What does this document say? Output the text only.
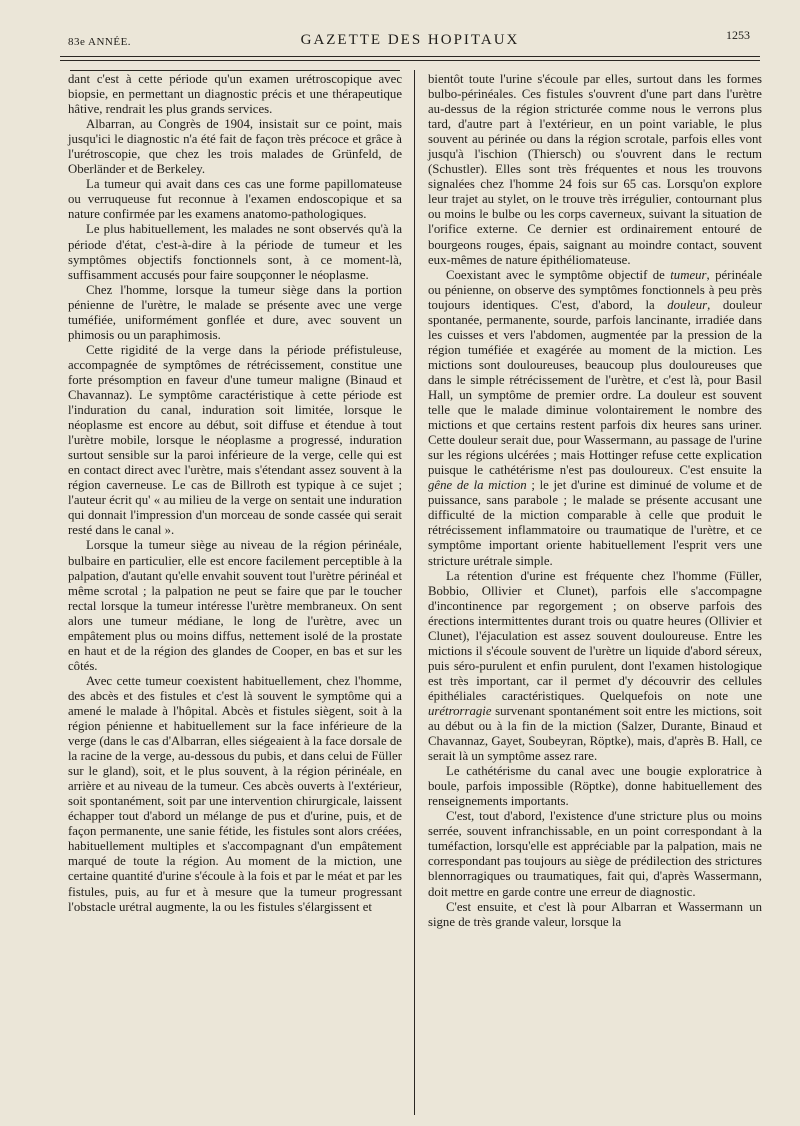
83e ANNÉE.	GAZETTE DES HOPITAUX	1253

dant c'est à cette période qu'un examen urétroscopique avec biopsie, en permettant un diagnostic précis et une thérapeutique hâtive, rendrait les plus grands services.

Albarran, au Congrès de 1904, insistait sur ce point, mais jusqu'ici le diagnostic n'a été fait de façon très précoce et grâce à l'urétroscopie, que chez les trois malades de Grünfeld, de Oberländer et de Berkeley.

La tumeur qui avait dans ces cas une forme papillomateuse ou verruqueuse fut reconnue à l'examen endoscopique et sa nature confirmée par les examens anatomo-pathologiques.

Le plus habituellement, les malades ne sont observés qu'à la période d'état, c'est-à-dire à la période de tumeur et les symptômes objectifs fonctionnels sont, à ce moment-là, suffisamment accusés pour faire soupçonner le néoplasme.

Chez l'homme, lorsque la tumeur siège dans la portion pénienne de l'urètre, le malade se présente avec une verge tuméfiée, uniformément gonflée et dure, avec souvent un phimosis ou un paraphimosis.

Cette rigidité de la verge dans la période préfistuleuse, accompagnée de symptômes de rétrécissement, constitue une forte présomption en faveur d'une tumeur maligne (Binaud et Chavannaz). Le symptôme caractéristique à cette période est l'induration du canal, induration soit limitée, lorsque le néoplasme est encore au début, soit diffuse et étendue à tout l'urètre mobile, lorsque le néoplasme a progressé, induration surtout sensible sur la paroi inférieure de la verge, celle qui est en contact direct avec l'urètre, mais s'étendant assez souvent à la région caverneuse. Le cas de Billroth est typique à ce sujet ; l'auteur écrit qu' « au milieu de la verge on sentait une induration qui donnait l'impression d'un morceau de sonde cassée qui serait resté dans le canal ».

Lorsque la tumeur siège au niveau de la région périnéale, bulbaire en particulier, elle est encore facilement perceptible à la palpation, d'autant qu'elle envahit souvent tout l'urètre périnéal et même scrotal ; la palpation ne peut se faire que par le toucher rectal lorsque la tumeur intéresse l'urètre membraneux. On sent alors une tumeur médiane, le long de l'urètre, avec un empâtement plus ou moins diffus, nettement isolé de la prostate en haut et de la région des glandes de Cooper, en bas et sur les côtés.

Avec cette tumeur coexistent habituellement, chez l'homme, des abcès et des fistules et c'est là souvent le symptôme qui a amené le malade à l'hôpital. Abcès et fistules siègent, soit à la région pénienne et habituellement sur la face inférieure de la verge (dans le cas d'Albarran, elles siégeaient à la face dorsale de la racine de la verge, au-dessous du pubis, et dans celui de Füller sur le gland), soit, et le plus souvent, à la région périnéale, en arrière et au niveau de la tumeur. Ces abcès ouverts à l'extérieur, soit spontanément, soit par une intervention chirurgicale, laissent échapper tout d'abord un mélange de pus et d'urine, puis, et de façon permanente, une sanie fétide, les fistules sont alors créées, habituellement multiples et s'accompagnant d'un empâtement marqué de toute la région. Au moment de la miction, une certaine quantité d'urine s'écoule à la fois et par le méat et par les fistules, puis, au fur et à mesure que la tumeur progressant l'obstacle urétral augmente, la ou les fistules s'élargissent et

bientôt toute l'urine s'écoule par elles, surtout dans les formes bulbo-périnéales. Ces fistules s'ouvrent d'une part dans l'urètre au-dessus de la région stricturée comme nous le verrons plus tard, d'autre part à l'extérieur, en un point variable, le plus souvent au périnée ou dans la région scrotale, parfois elles vont jusqu'à l'ischion (Thiersch) ou s'ouvrent dans le rectum (Schustler). Elles sont très fréquentes et nous les trouvons signalées chez l'homme 24 fois sur 65 cas. Lorsqu'on explore leur trajet au stylet, on le trouve très irrégulier, contournant plus ou moins le bulbe ou les corps caverneux, suivant la situation de l'orifice externe. Ce dernier est ordinairement entouré de bourgeons rouges, épais, saignant au moindre contact, souvent eux-mêmes de nature épithéliomateuse.

Coexistant avec le symptôme objectif de tumeur, périnéale ou pénienne, on observe des symptômes fonctionnels à peu près toujours identiques. C'est, d'abord, la douleur, douleur spontanée, permanente, sourde, parfois lancinante, irradiée dans les cuisses et vers l'abdomen, augmentée par la pression de la région tuméfiée et exagérée au moment de la miction. Les mictions sont douloureuses, beaucoup plus douloureuses que dans le simple rétrécissement de l'urètre, et c'est là, pour Basil Hall, un symptôme de premier ordre. La douleur est souvent telle que le malade diminue volontairement le nombre des mictions et que certains restent parfois dix heures sans uriner. Cette douleur serait due, pour Wassermann, au passage de l'urine sur les régions ulcérées ; mais Hottinger refuse cette explication puisque le cathétérisme n'est pas douloureux. C'est ensuite la gêne de la miction ; le jet d'urine est diminué de volume et de puissance, sans parabole ; le malade se présente accusant une difficulté de la miction comparable à celle que produit le rétrécissement inflammatoire ou traumatique de l'urètre, et ce symptôme important oriente habituellement l'esprit vers une stricture urétrale simple.

La rétention d'urine est fréquente chez l'homme (Füller, Bobbio, Ollivier et Clunet), parfois elle s'accompagne d'incontinence par regorgement ; on observe parfois des érections intermittentes durant trois ou quatre heures (Ollivier et Clunet), l'éjaculation est assez souvent douloureuse. Entre les mictions il s'écoule souvent de l'urètre un liquide d'abord séreux, puis séro-purulent et enfin purulent, dont l'examen histologique est très important, car il permet d'y découvrir des cellules épithéliales caractéristiques. Quelquefois on note une urétrorragie survenant spontanément soit entre les mictions, soit au début ou à la fin de la miction (Salzer, Durante, Binaud et Chavannaz, Gayet, Soubeyran, Röptke), mais, d'après B. Hall, ce serait là un symptôme assez rare.

Le cathétérisme du canal avec une bougie exploratrice à boule, parfois impossible (Röptke), donne habituellement des renseignements importants.

C'est, tout d'abord, l'existence d'une stricture plus ou moins serrée, souvent infranchissable, en un point correspondant à la tuméfaction, lorsqu'elle est appréciable par la palpation, mais ne correspondant pas toujours au siège de prédilection des strictures blennorragiques ou traumatiques, fait qui, d'après Wassermann, doit mettre en garde contre une erreur de diagnostic.

C'est ensuite, et c'est là pour Albarran et Wassermann un signe de très grande valeur, lorsque la
